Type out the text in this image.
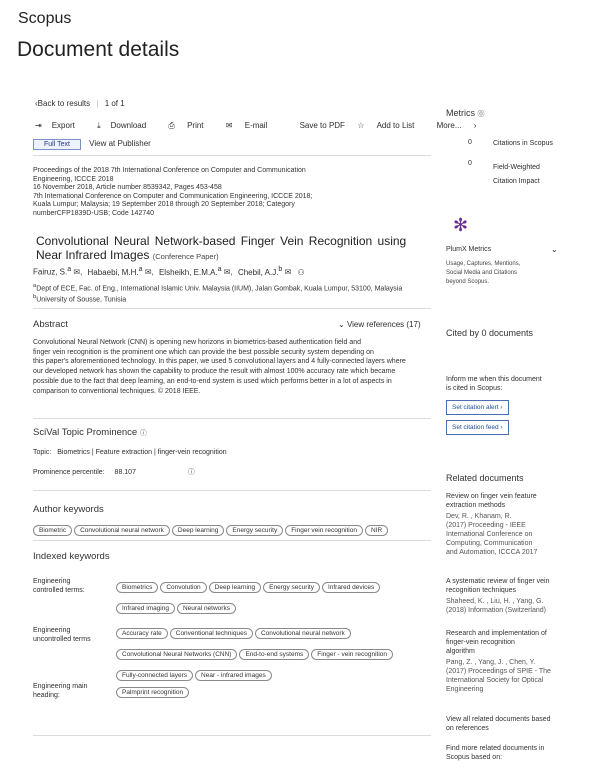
Scopus
Document details
‹Back to results | 1 of 1
⇥ Export	⤓ Download	⎙ Print	✉ E-mail	Save to PDF ☆ Add to List	More... ›
Full Text View at Publisher
Proceedings of the 2018 7th International Conference on Computer and Communication
Engineering, ICCCE 2018
16 November 2018, Article number 8539342, Pages 453-458
7th International Conference on Computer and Communication Engineering, ICCCE 2018;
Kuala Lumpur; Malaysia; 19 September 2018 through 20 September 2018; Category
numberCFP1839D-USB; Code 142740
Convolutional Neural Network-based Finger Vein Recognition using
Near Infrared Images (Conference Paper)
Fairuz, S.$^a$ ✉, Habaebi, M.H.$^a$ ✉, Elsheikh, E.M.A.$^a$ ✉, Chebil, A.J.$^b$ ✉ ⚇
$^a$Dept of ECE, Fac. of Eng., International Islamic Univ. Malaysia (IIUM), Jalan Gombak, Kuala Lumpur, 53100, Malaysia
$^b$University of Sousse, Tunisia
Abstract	⌄ View references (17)
Convolutional Neural Network (CNN) is opening new horizons in biometrics-based authentication field and
finger vein recognition is the prominent one which can provide the best possible security system depending on
this paper's aforementioned technology. In this paper, we used 5 convolutional layers and 4 fully-connected layers where
our developed network has shown the capability to produce the result with almost 100% accuracy rate which became
possible due to the fact that deep learning, an end-to-end system is used which performs better in a lot of aspects in
comparison to conventional techniques. © 2018 IEEE.
SciVal Topic Prominence ⓘ
Topic: Biometrics | Feature extraction | finger-vein recognition
Prominence percentile: 88.107	ⓘ
Author keywords
Biometric Convolutional neural network Deep learning Energy security Finger vein recognition NIR
Indexed keywords
Engineering
controlled terms:	Biometrics Convolution Deep learning Energy security Infrared devicesInfrared imaging Neural networks
Engineering
uncontrolled terms
Accuracy rate Conventional techniques Convolutional neural networkConvolutional Neural Networks (CNN) End-to-end systems Finger - vein recognitionFully-connected layers Near - infrared images
Engineering main
heading:	Palmprint recognition
Metrics ⓪
0	Citations in Scopus
0
Field-Weighted
Citation Impact
✻
PlumX Metrics	⌄
Usage, Captures, Mentions,
Social Media and Citations
beyond Scopus.
Cited by 0 documents
Inform me when this document
is cited in Scopus:
Set citation alert ›
Set citation feed ›
Related documents
Review on finger vein feature
extraction methods
Dev, R. , Khanam, R.
(2017) Proceeding - IEEE
International Conference on
Computing, Communication
and Automation, ICCCA 2017
A systematic review of finger vein
recognition techniques
Shaheed, K. , Liu, H. , Yang, G.
(2018) Information (Switzerland)
Research and implementation of
finger-vein recognition
algorithm
Pang, Z. , Yang, J. , Chen, Y.
(2017) Proceedings of SPIE - The
International Society for Optical
Engineering
View all related documents based
on references
Find more related documents in
Scopus based on:
